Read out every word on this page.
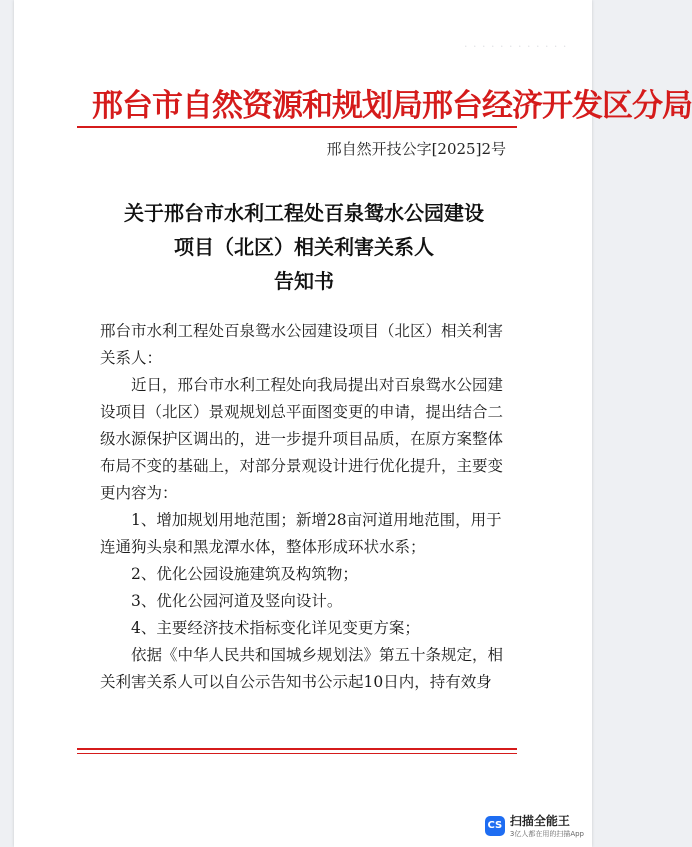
· · · · · · · · · · · ·
邢台市自然资源和规划局邢台经济开发区分局
邢自然开技公字[2025]2号
关于邢台市水利工程处百泉鸳水公园建设
项目（北区）相关利害关系人
告知书

邢台市水利工程处百泉鸳水公园建设项目（北区）相关利害关系人：

近日，邢台市水利工程处向我局提出对百泉鸳水公园建设项目（北区）景观规划总平面图变更的申请，提出结合二级水源保护区调出的，进一步提升项目品质，在原方案整体布局不变的基础上，对部分景观设计进行优化提升，主要变更内容为：

1、增加规划用地范围；新增28亩河道用地范围，用于连通狗头泉和黑龙潭水体，整体形成环状水系；

2、优化公园设施建筑及构筑物；

3、优化公园河道及竖向设计。

4、主要经济技术指标变化详见变更方案；

依据《中华人民共和国城乡规划法》第五十条规定，相关利害关系人可以自公示告知书公示起10日内，持有效身

CS 扫描全能王
3亿人都在用的扫描App
